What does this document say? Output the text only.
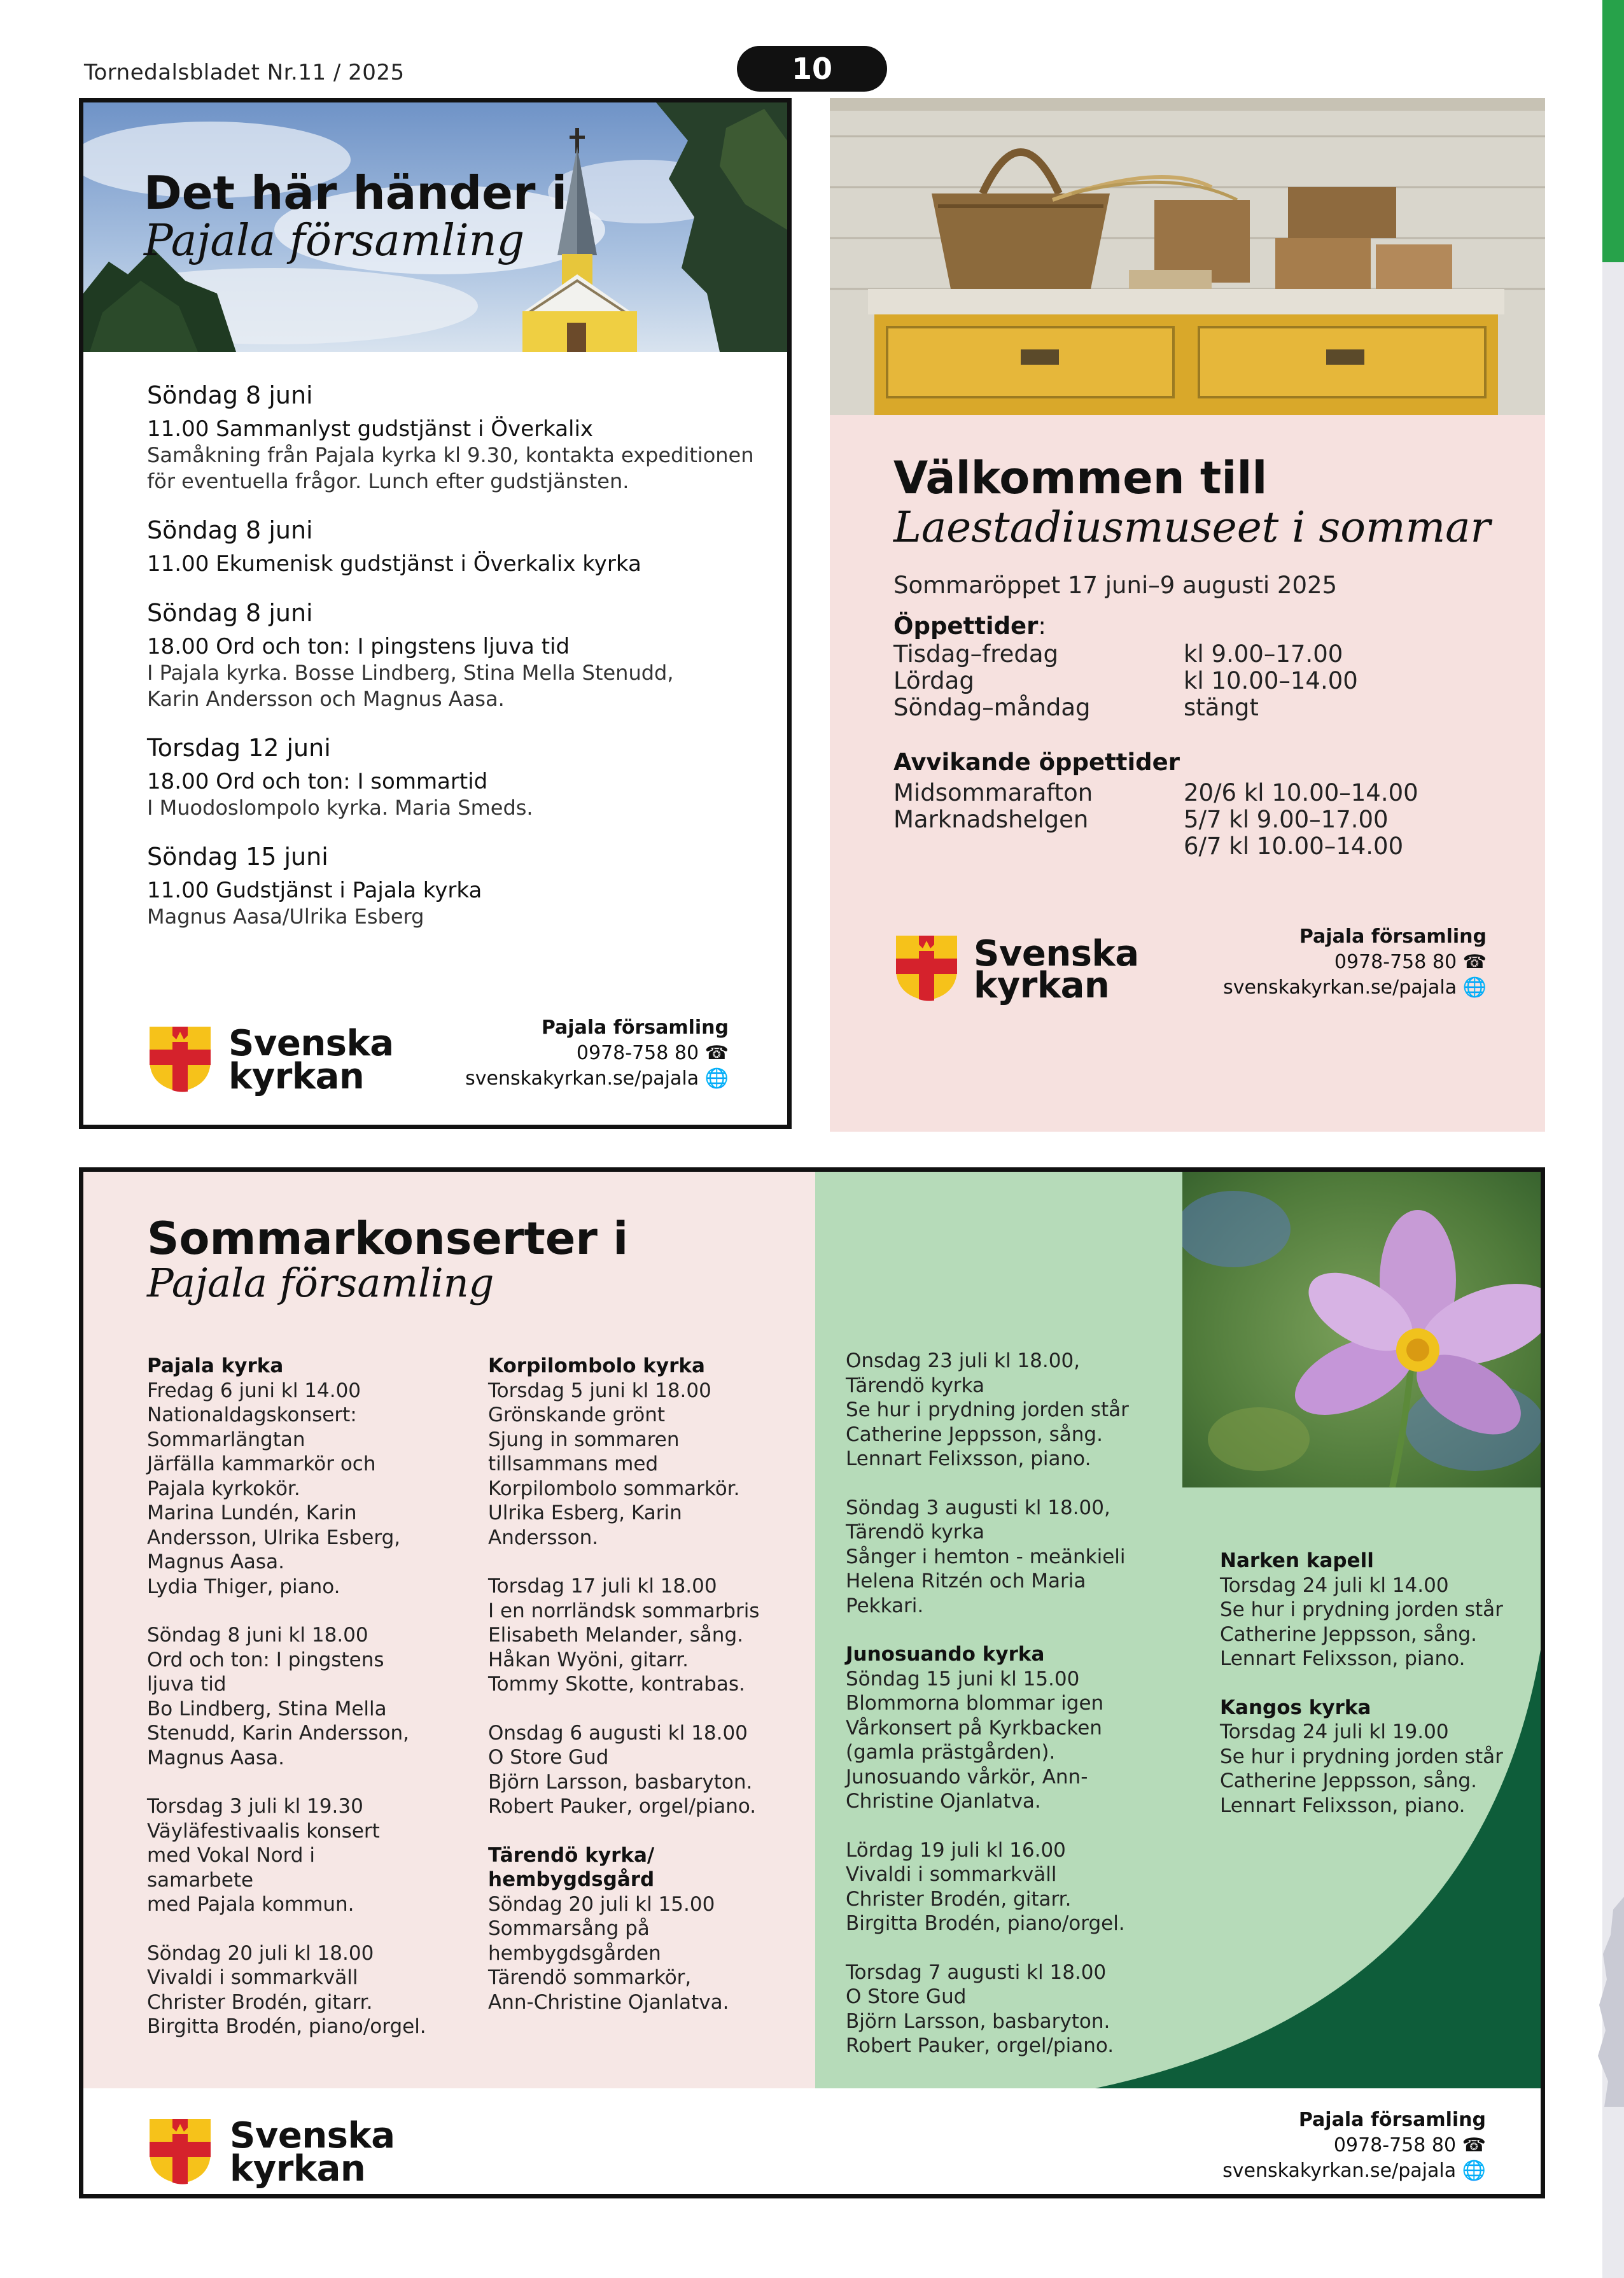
Tornedalsbladet Nr.11 / 2025	10
Det här händer i
Pajala församling
Söndag 8 juni
11.00 Sammanlyst gudstjänst i Överkalix
Samåkning från Pajala kyrka kl 9.30, kontakta expeditionen
för eventuella frågor. Lunch efter gudstjänsten.
Söndag 8 juni
11.00 Ekumenisk gudstjänst i Överkalix kyrka
Söndag 8 juni
18.00 Ord och ton: I pingstens ljuva tid
I Pajala kyrka. Bosse Lindberg, Stina Mella Stenudd,
Karin Andersson och Magnus Aasa.
Torsdag 12 juni
18.00 Ord och ton: I sommartid
I Muodoslompolo kyrka. Maria Smeds.
Söndag 15 juni
11.00 Gudstjänst i Pajala kyrka
Magnus Aasa/Ulrika Esberg
Svenska
kyrkan
Pajala församling
0978-758 80 ☎
svenskakyrkan.se/pajala 🌐
Välkommen till
Laestadiusmuseet i sommar
Sommaröppet 17 juni–9 augusti 2025
Öppettider:
Tisdag–fredag	kl 9.00–17.00
Lördag	kl 10.00–14.00
Söndag–måndag	stängt
Avvikande öppettider
Midsommarafton	20/6 kl 10.00–14.00
Marknadshelgen	5/7 kl 9.00–17.00
6/7 kl 10.00–14.00
Svenska
kyrkan
Pajala församling
0978-758 80 ☎
svenskakyrkan.se/pajala 🌐
Sommarkonserter i
Pajala församling
Pajala kyrka
Fredag 6 juni kl 14.00
Nationaldagskonsert:
Sommarlängtan
Järfälla kammarkör och
Pajala kyrkokör.
Marina Lundén, Karin
Andersson, Ulrika Esberg,
Magnus Aasa.
Lydia Thiger, piano.
Söndag 8 juni kl 18.00
Ord och ton: I pingstens
ljuva tid
Bo Lindberg, Stina Mella
Stenudd, Karin Andersson,
Magnus Aasa.
Torsdag 3 juli kl 19.30
Väyläfestivaalis konsert
med Vokal Nord i
samarbete
med Pajala kommun.
Söndag 20 juli kl 18.00
Vivaldi i sommarkväll
Christer Brodén, gitarr.
Birgitta Brodén, piano/orgel.
Korpilombolo kyrka
Torsdag 5 juni kl 18.00
Grönskande grönt
Sjung in sommaren
tillsammans med
Korpilombolo sommarkör.
Ulrika Esberg, Karin
Andersson.
Torsdag 17 juli kl 18.00
I en norrländsk sommarbris
Elisabeth Melander, sång.
Håkan Wyöni, gitarr.
Tommy Skotte, kontrabas.
Onsdag 6 augusti kl 18.00
O Store Gud
Björn Larsson, basbaryton.
Robert Pauker, orgel/piano.
Tärendö kyrka/
hembygdsgård
Söndag 20 juli kl 15.00
Sommarsång på
hembygdsgården
Tärendö sommarkör,
Ann-Christine Ojanlatva.
Onsdag 23 juli kl 18.00,
Tärendö kyrka
Se hur i prydning jorden står
Catherine Jeppsson, sång.
Lennart Felixsson, piano.
Söndag 3 augusti kl 18.00,
Tärendö kyrka
Sånger i hemton - meänkieli
Helena Ritzén och Maria
Pekkari.
Junosuando kyrka
Söndag 15 juni kl 15.00
Blommorna blommar igen
Vårkonsert på Kyrkbacken
(gamla prästgården).
Junosuando vårkör, Ann-
Christine Ojanlatva.
Lördag 19 juli kl 16.00
Vivaldi i sommarkväll
Christer Brodén, gitarr.
Birgitta Brodén, piano/orgel.
Torsdag 7 augusti kl 18.00
O Store Gud
Björn Larsson, basbaryton.
Robert Pauker, orgel/piano.
Narken kapell
Torsdag 24 juli kl 14.00
Se hur i prydning jorden står
Catherine Jeppsson, sång.
Lennart Felixsson, piano.
Kangos kyrka
Torsdag 24 juli kl 19.00
Se hur i prydning jorden står
Catherine Jeppsson, sång.
Lennart Felixsson, piano.
Svenska
kyrkan
Pajala församling
0978-758 80 ☎
svenskakyrkan.se/pajala 🌐
